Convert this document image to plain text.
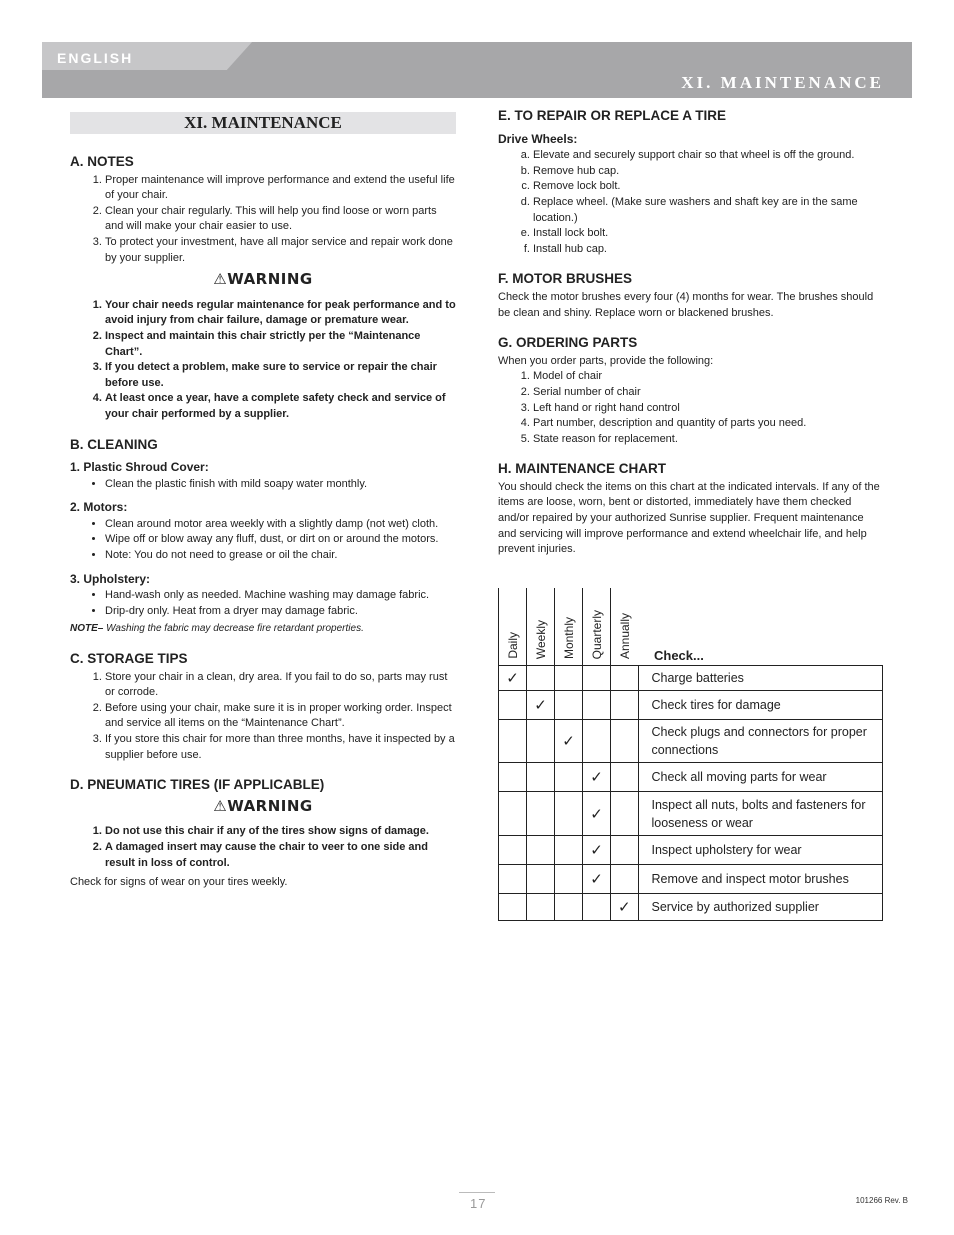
ENGLISH
XI. MAINTENANCE
XI. MAINTENANCE
A. NOTES
1. Proper maintenance will improve performance and extend the useful life of your chair.
2. Clean your chair regularly. This will help you find loose or worn parts and will make your chair easier to use.
3. To protect your investment, have all major service and repair work done by your supplier.
⚠WARNING
1. Your chair needs regular maintenance for peak performance and to avoid injury from chair failure, damage or premature wear.
2. Inspect and maintain this chair strictly per the “Maintenance Chart”.
3. If you detect a problem, make sure to service or repair the chair before use.
4. At least once a year, have a complete safety check and service of your chair performed by a supplier.
B. CLEANING
1. Plastic Shroud Cover:
• Clean the plastic finish with mild soapy water monthly.
2. Motors:
• Clean around motor area weekly with a slightly damp (not wet) cloth.
• Wipe off or blow away any fluff, dust, or dirt on or around the motors.
• Note: You do not need to grease or oil the chair.
3. Upholstery:
• Hand-wash only as needed. Machine washing may damage fabric.
• Drip-dry only. Heat from a dryer may damage fabric.

NOTE– Washing the fabric may decrease fire retardant properties.

C. STORAGE TIPS
1. Store your chair in a clean, dry area. If you fail to do so, parts may rust or corrode.
2. Before using your chair, make sure it is in proper working order. Inspect and service all items on the “Maintenance Chart”.
3. If you store this chair for more than three months, have it inspected by a supplier before use.
D. PNEUMATIC TIRES (IF APPLICABLE)
⚠WARNING
1. Do not use this chair if any of the tires show signs of damage.
2. A damaged insert may cause the chair to veer to one side and result in loss of control.

Check for signs of wear on your tires weekly.

E. TO REPAIR OR REPLACE A TIRE
Drive Wheels:
a. Elevate and securely support chair so that wheel is off the ground.
b. Remove hub cap.
c. Remove lock bolt.
d. Replace wheel. (Make sure washers and shaft key are in the same location.)
e. Install lock bolt.
f. Install hub cap.
F. MOTOR BRUSHES

Check the motor brushes every four (4) months for wear. The brushes should be clean and shiny. Replace worn or blackened brushes.

G. ORDERING PARTS

When you order parts, provide the following:

1. Model of chair
2. Serial number of chair
3. Left hand or right hand control
4. Part number, description and quantity of parts you need.
5. State reason for replacement.
H. MAINTENANCE CHART

You should check the items on this chart at the indicated intervals. If any of the items are loose, worn, bent or distorted, immediately have them checked and/or repaired by your authorized Sunrise supplier. Frequent maintenance and servicing will improve performance and extend wheelchair life, and help prevent injuries.

Daily	Weekly	Monthly	Quarterly	Annually	Check...
✓					Charge batteries
	✓				Check tires for damage
		✓			Check plugs and connectors for proper connections
			✓		Check all moving parts for wear
			✓		Inspect all nuts, bolts and fasteners for looseness or wear
			✓		Inspect upholstery for wear
			✓		Remove and inspect motor brushes
				✓	Service by authorized supplier
17	101266 Rev. B
